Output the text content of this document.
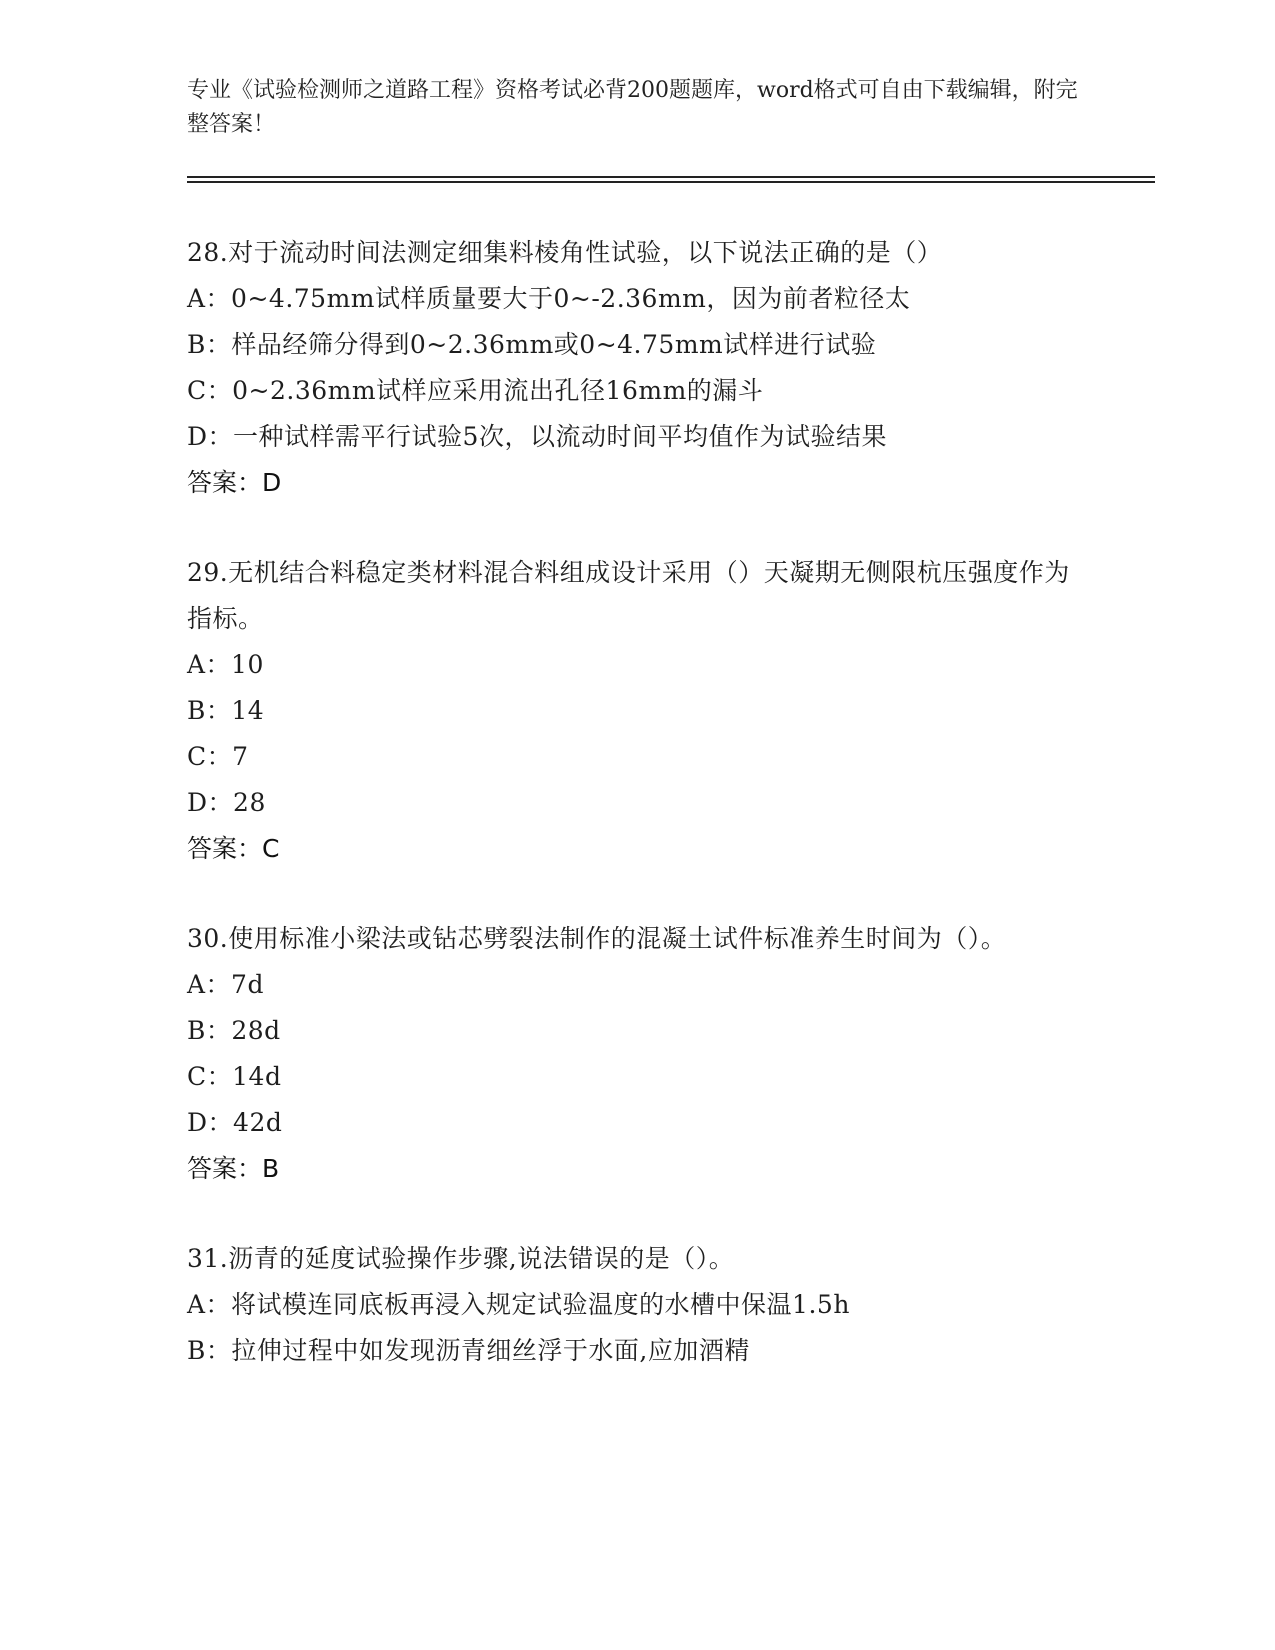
专业《试验检测师之道路工程》资格考试必背200题题库，word格式可自由下载编辑，附完整答案！

28.对于流动时间法测定细集料棱角性试验，以下说法正确的是（）

A：0~4.75mm试样质量要大于0~-2.36mm，因为前者粒径太

B：样品经筛分得到0~2.36mm或0~4.75mm试样进行试验

C：0~2.36mm试样应采用流出孔径16mm的漏斗

D：一种试样需平行试验5次，以流动时间平均值作为试验结果

答案：D

29.无机结合料稳定类材料混合料组成设计采用（）天凝期无侧限杭压强度作为指标。

A：10

B：14

C：7

D：28

答案：C

30.使用标准小梁法或钻芯劈裂法制作的混凝土试件标准养生时间为（）。

A：7d

B：28d

C：14d

D：42d

答案：B

31.沥青的延度试验操作步骤,说法错误的是（）。

A：将试模连同底板再浸入规定试验温度的水槽中保温1.5h

B：拉伸过程中如发现沥青细丝浮于水面,应加酒精
